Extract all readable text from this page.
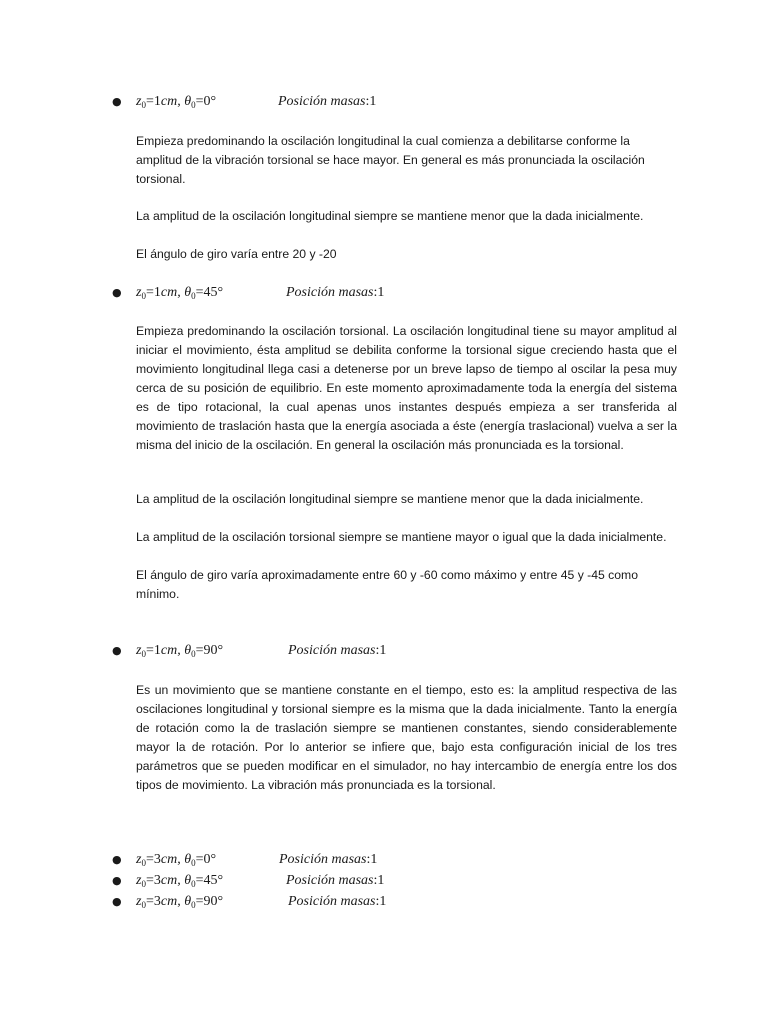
● $z_0=1cm$, $\theta_0=0^\circ$	Posición masas:1

Empieza predominando la oscilación longitudinal la cual comienza a debilitarse conforme la amplitud de la vibración torsional se hace mayor. En general es más pronunciada la oscilación torsional.

La amplitud de la oscilación longitudinal siempre se mantiene menor que la dada inicialmente.

El ángulo de giro varía entre 20 y -20

● $z_0=1cm$, $\theta_0=45^\circ$	Posición masas:1

Empieza predominando la oscilación torsional. La oscilación longitudinal tiene su mayor amplitud al iniciar el movimiento, ésta amplitud se debilita conforme la torsional sigue creciendo hasta que el movimiento longitudinal llega casi a detenerse por un breve lapso de tiempo al oscilar la pesa muy cerca de su posición de equilibrio. En este momento aproximadamente toda la energía del sistema es de tipo rotacional, la cual apenas unos instantes después empieza a ser transferida al movimiento de traslación hasta que la energía asociada a éste (energía traslacional) vuelva a ser la misma del inicio de la oscilación. En general la oscilación más pronunciada es la torsional.

La amplitud de la oscilación longitudinal siempre se mantiene menor que la dada inicialmente.

La amplitud de la oscilación torsional siempre se mantiene mayor o igual que la dada inicialmente.

El ángulo de giro varía aproximadamente entre 60 y -60 como máximo y entre 45 y -45 como mínimo.

● $z_0=1cm$, $\theta_0=90^\circ$	Posición masas:1

Es un movimiento que se mantiene constante en el tiempo, esto es: la amplitud respectiva de las oscilaciones longitudinal y torsional siempre es la misma que la dada inicialmente. Tanto la energía de rotación como la de traslación siempre se mantienen constantes, siendo considerablemente mayor la de rotación. Por lo anterior se infiere que, bajo esta configuración inicial de los tres parámetros que se pueden modificar en el simulador, no hay intercambio de energía entre los dos tipos de movimiento. La vibración más pronunciada es la torsional.

● $z_0=3cm$, $\theta_0=0^\circ$	Posición masas:1
● $z_0=3cm$, $\theta_0=45^\circ$	Posición masas:1
● $z_0=3cm$, $\theta_0=90^\circ$	Posición masas:1
